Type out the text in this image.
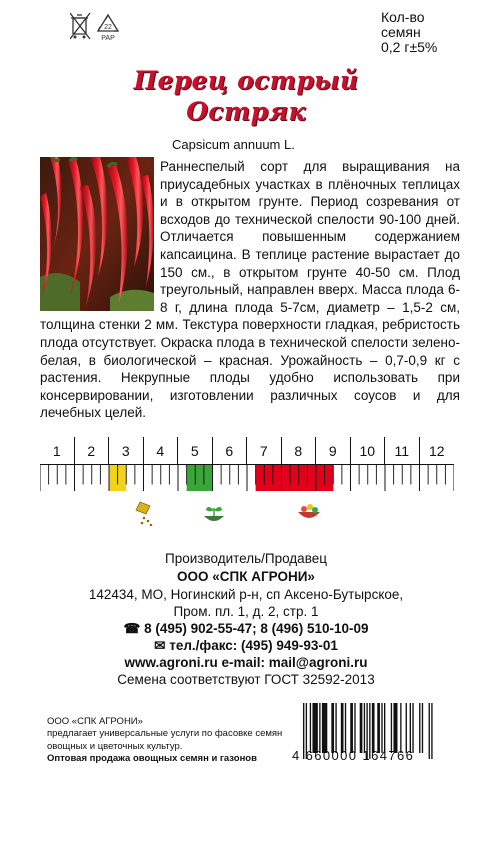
22
PAP
Кол-во
семян
0,2 г±5%
Перец острый
Остряк
Capsicum annuum L.
Раннеспелый сорт для выращивания на приусадебных участках в плёночных теплицах и в открытом грунте. Период созревания от всходов до технической спелости 90-100 дней. Отличается повышенным содержанием капсаицина. В теплице растение вырастает до 150 см., в открытом грунте 40-50 см. Плод треугольный, направлен вверх. Масса плода 6-8 г, длина плода 5-7см, диаметр – 1,5-2 см, толщина стенки 2 мм. Текстура поверхности гладкая, ребристость плода отсутствует. Окраска плода в технической спелости зелено-белая, в биологической – красная. Урожайность – 0,7-0,9 кг с растения. Некрупные плоды удобно использовать при консервировании, изготовлении различных соусов и для лечебных целей.
1	2	3	4	5	6	7	8	9	10	11	12
Производитель/Продавец
ООО «СПК АГРОНИ»
142434, МО, Ногинский р-н, сп Аксено-Бутырское,
Пром. пл. 1, д. 2, стр. 1
☎ 8 (495) 902-55-47; 8 (496) 510-10-09
✉ тел./факс: (495) 949-93-01
www.agroni.ru e-mail: mail@agroni.ru
Семена соответствуют ГОСТ 32592-2013
ООО «СПК АГРОНИ»
предлагает универсальные услуги по фасовке семян овощных и цветочных культур.
Оптовая продажа овощных семян и газонов	4 660000 164766
